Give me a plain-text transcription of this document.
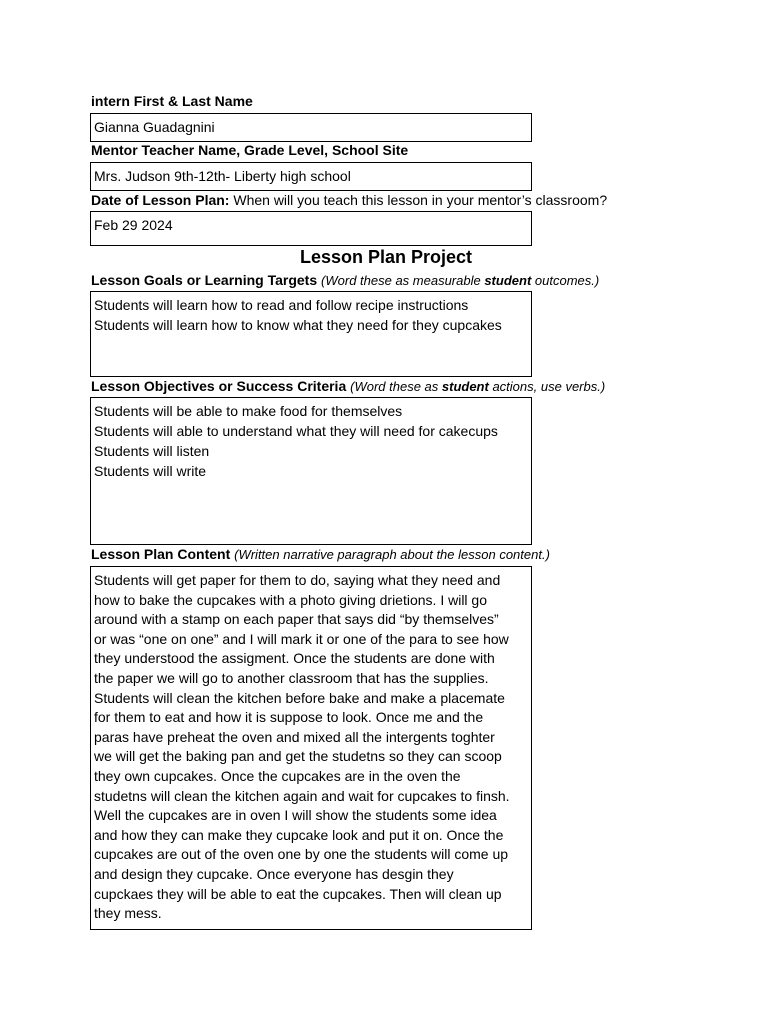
intern First & Last Name
Gianna Guadagnini
Mentor Teacher Name, Grade Level, School Site
Mrs. Judson 9th-12th- Liberty high school
Date of Lesson Plan: When will you teach this lesson in your mentor’s classroom?
Feb 29 2024
Lesson Plan Project
Lesson Goals or Learning Targets (Word these as measurable student outcomes.)
Students will learn how to read and follow recipe instructions
Students will learn how to know what they need for they cupcakes
Lesson Objectives or Success Criteria (Word these as student actions, use verbs.)
Students will be able to make food for themselves
Students will able to understand what they will need for cakecups
Students will listen
Students will write
Lesson Plan Content (Written narrative paragraph about the lesson content.)
Students will get paper for them to do, saying what they need and
how to bake the cupcakes with a photo giving drietions. I will go
around with a stamp on each paper that says did “by themselves”
or was “one on one” and I will mark it or one of the para to see how
they understood the assigment. Once the students are done with
the paper we will go to another classroom that has the supplies.
Students will clean the kitchen before bake and make a placemate
for them to eat and how it is suppose to look. Once me and the
paras have preheat the oven and mixed all the intergents toghter
we will get the baking pan and get the studetns so they can scoop
they own cupcakes. Once the cupcakes are in the oven the
studetns will clean the kitchen again and wait for cupcakes to finsh.
Well the cupcakes are in oven I will show the students some idea
and how they can make they cupcake look and put it on. Once the
cupcakes are out of the oven one by one the students will come up
and design they cupcake. Once everyone has desgin they
cupckaes they will be able to eat the cupcakes. Then will clean up
they mess.
